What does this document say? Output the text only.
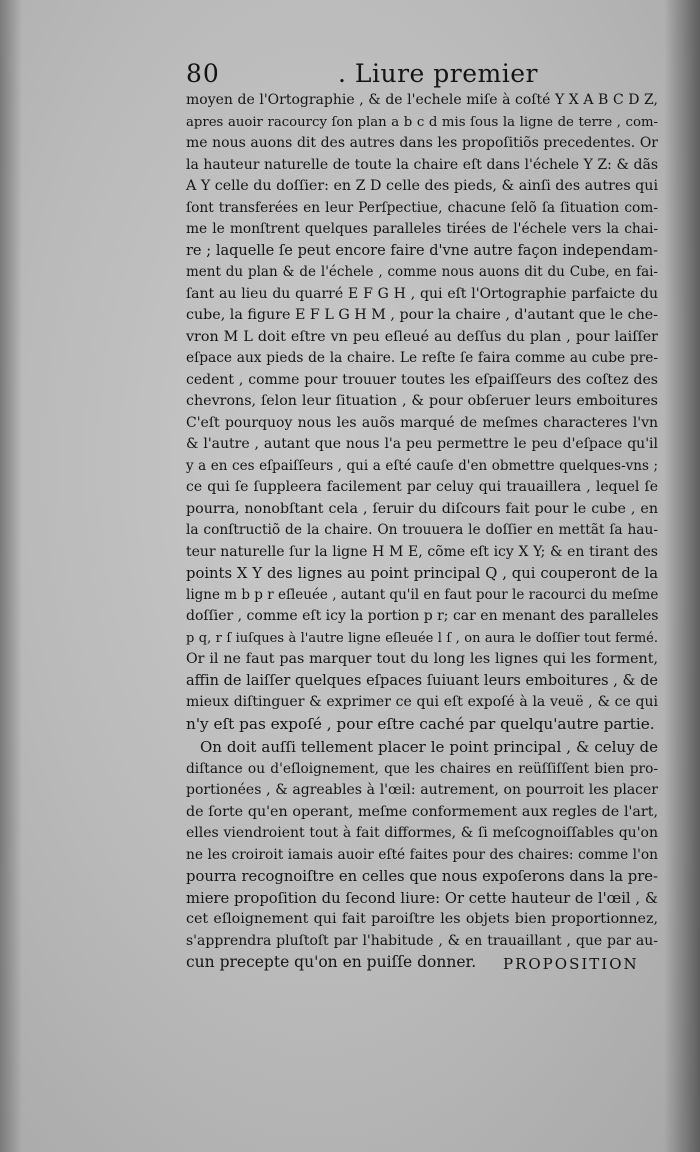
80	. Liure premier
moyen de l'Ortographie , & de l'echele miſe à coſté Y X A B C D Z,
apres auoir racourcy ſon plan a b c d mis ſous la ligne de terre , com-
me nous auons dit des autres dans les propoſitiõs precedentes. Or
la hauteur naturelle de toute la chaire eſt dans l'échele Y Z: & dãs
A Y celle du doſſier: en Z D celle des pieds, & ainſi des autres qui
ſont transferées en leur Perſpectiue, chacune ſelõ ſa ſituation com-
me le monſtrent quelques paralleles tirées de l'échele vers la chai-
re ; laquelle ſe peut encore faire d'vne autre façon independam-
ment du plan & de l'échele , comme nous auons dit du Cube, en fai-
ſant au lieu du quarré E F G H , qui eſt l'Ortographie parfaicte du
cube, la figure E F L G H M , pour la chaire , d'autant que le che-
vron M L doit eſtre vn peu eſleué au deſſus du plan , pour laiſſer
eſpace aux pieds de la chaire. Le reſte ſe faira comme au cube pre-
cedent , comme pour trouuer toutes les eſpaiſſeurs des coſtez des
chevrons, ſelon leur ſituation , & pour obſeruer leurs emboitures
C'eſt pourquoy nous les auõs marqué de meſmes characteres l'vn
& l'autre , autant que nous l'a peu permettre le peu d'eſpace qu'il
y a en ces eſpaiſſeurs , qui a eſté cauſe d'en obmettre quelques-vns ;
ce qui ſe ſuppleera facilement par celuy qui trauaillera , lequel ſe
pourra, nonobſtant cela , ſeruir du diſcours fait pour le cube , en
la conſtructiõ de la chaire. On trouuera le doſſier en mettãt ſa hau-
teur naturelle ſur la ligne H M E, cõme eſt icy X Y; & en tirant des
points X Y des lignes au point principal Q , qui couperont de la
ligne m b p r eſleuée , autant qu'il en faut pour le racourci du meſme
doſſier , comme eſt icy la portion p r; car en menant des paralleles
p q, r ſ iuſques à l'autre ligne eſleuée l ſ , on aura le doſſier tout fermé.
Or il ne faut pas marquer tout du long les lignes qui les forment,
affin de laiſſer quelques eſpaces ſuiuant leurs emboitures , & de
mieux diſtinguer & exprimer ce qui eſt expoſé à la veuë , & ce qui
n'y eſt pas expoſé , pour eſtre caché par quelqu'autre partie.
On doit auſſi tellement placer le point principal , & celuy de
diſtance ou d'eſloignement, que les chaires en reüſſiſſent bien pro-
portionées , & agreables à l'œil: autrement, on pourroit les placer
de ſorte qu'en operant, meſme conformement aux regles de l'art,
elles viendroient tout à fait difformes, & ſi meſcognoiſſables qu'on
ne les croiroit iamais auoir eſté faites pour des chaires: comme l'on
pourra recognoiſtre en celles que nous expoſerons dans la pre-
miere propoſition du ſecond liure: Or cette hauteur de l'œil , &
cet eſloignement qui fait paroiſtre les objets bien proportionnez,
s'apprendra pluſtoſt par l'habitude , & en trauaillant , que par au-
cun precepte qu'on en puiſſe donner.	PROPOSITION
